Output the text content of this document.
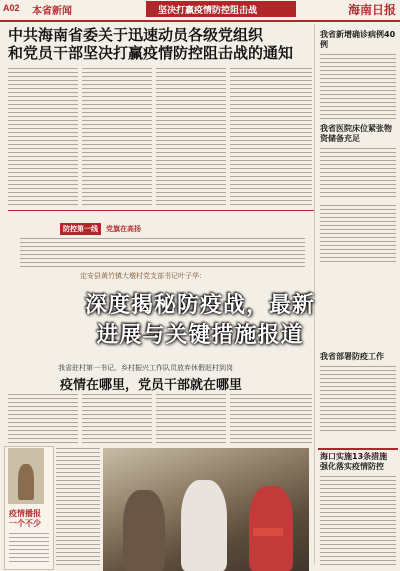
A02 本省新闻	坚决打赢疫情防控阻击战	海南日报
中共海南省委关于迅速动员各级党组织
和党员干部坚决打赢疫情防控阻击战的通知
我省新增确诊病例40例
我省医院床位紧张物资储备充足
我省部署防疫工作
海口实施13条措施 强化落实疫情防控
防控第一线	党旗在高扬
定安县黄竹镇大墩村党支部书记叶子华：
深度揭秘防疫战，最新
进展与关键措施报道
我省驻村第一书记、乡村振兴工作队员放弃休假赶村到岗
疫情在哪里，党员干部就在哪里
疫情播报 一个不少
